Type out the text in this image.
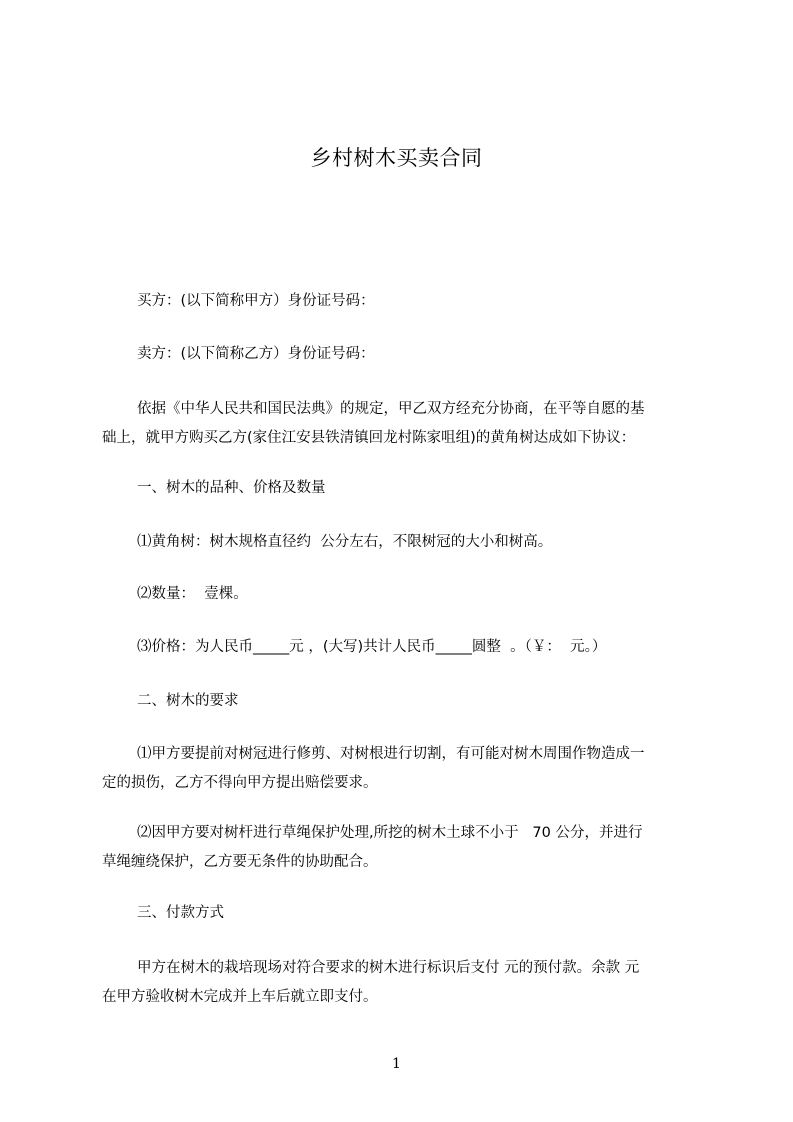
乡村树木买卖合同
买方：(以下简称甲方）身份证号码：
卖方：(以下简称乙方）身份证号码：
依据《中华人民共和国民法典》的规定，甲乙双方经充分协商，在平等自愿的基
础上，就甲方购买乙方(家住江安县铁清镇回龙村陈家咀组)的黄角树达成如下协议：
一、树木的品种、价格及数量
⑴黄角树：树木规格直径约  公分左右，不限树冠的大小和树高。
⑵数量：  壹棵。
⑶价格：为人民币_____元 ，(大写)共计人民币_____圆整  。（￥：  元。）
二、树木的要求
⑴甲方要提前对树冠进行修剪、对树根进行切割，有可能对树木周围作物造成一
定的损伤，乙方不得向甲方提出赔偿要求。
⑵因甲方要对树杆进行草绳保护处理,所挖的树木土球不小于   70 公分，并进行
草绳缠绕保护，乙方要无条件的协助配合。
三、付款方式
甲方在树木的栽培现场对符合要求的树木进行标识后支付 元的预付款。余款 元
在甲方验收树木完成并上车后就立即支付。
1
